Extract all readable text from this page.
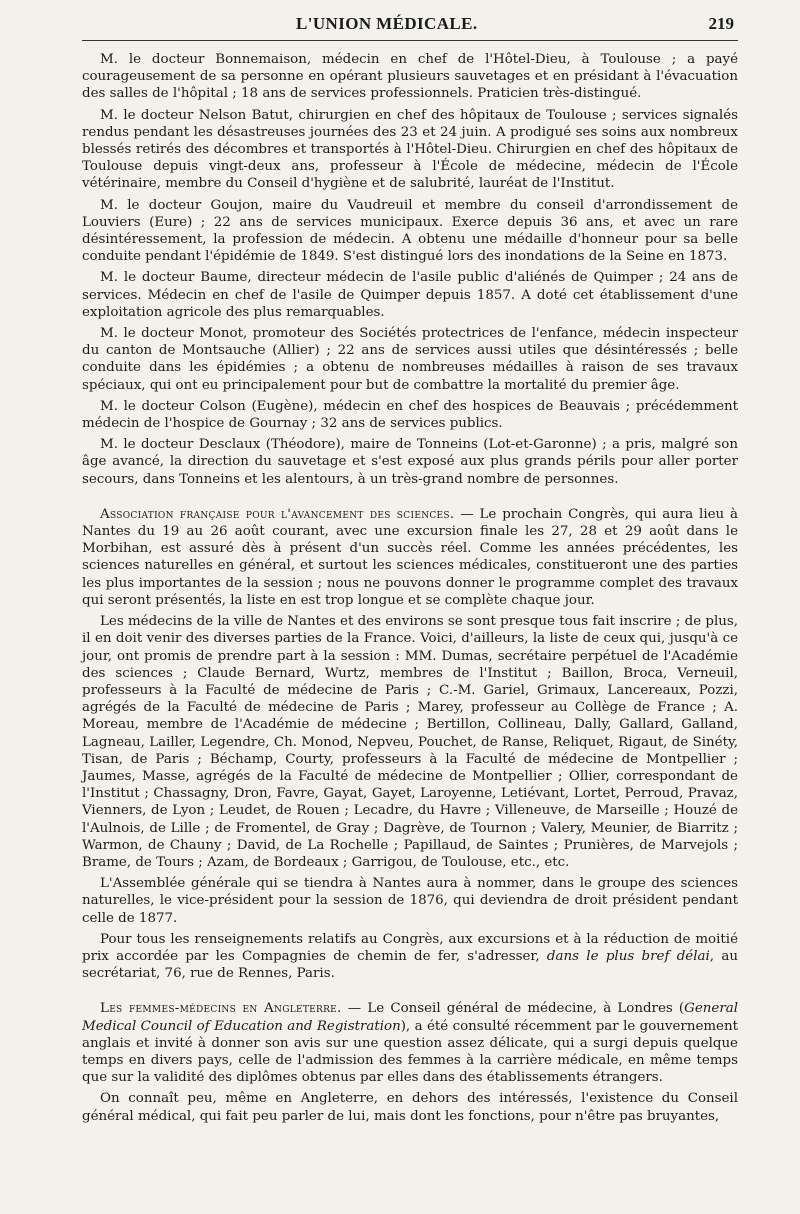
L'UNION MÉDICALE.	219

M. le docteur Bonnemaison, médecin en chef de l'Hôtel-Dieu, à Toulouse ; a payé courageusement de sa personne en opérant plusieurs sauvetages et en présidant à l'évacuation des salles de l'hôpital ; 18 ans de services professionnels. Praticien très-distingué.

M. le docteur Nelson Batut, chirurgien en chef des hôpitaux de Toulouse ; services signalés rendus pendant les désastreuses journées des 23 et 24 juin. A prodigué ses soins aux nombreux blessés retirés des décombres et transportés à l'Hôtel-Dieu. Chirurgien en chef des hôpitaux de Toulouse depuis vingt-deux ans, professeur à l'École de médecine, médecin de l'École vétérinaire, membre du Conseil d'hygiène et de salubrité, lauréat de l'Institut.

M. le docteur Goujon, maire du Vaudreuil et membre du conseil d'arrondissement de Louviers (Eure) ; 22 ans de services municipaux. Exerce depuis 36 ans, et avec un rare désintéressement, la profession de médecin. A obtenu une médaille d'honneur pour sa belle conduite pendant l'épidémie de 1849. S'est distingué lors des inondations de la Seine en 1873.

M. le docteur Baume, directeur médecin de l'asile public d'aliénés de Quimper ; 24 ans de services. Médecin en chef de l'asile de Quimper depuis 1857. A doté cet établissement d'une exploitation agricole des plus remarquables.

M. le docteur Monot, promoteur des Sociétés protectrices de l'enfance, médecin inspecteur du canton de Montsauche (Allier) ; 22 ans de services aussi utiles que désintéressés ; belle conduite dans les épidémies ; a obtenu de nombreuses médailles à raison de ses travaux spéciaux, qui ont eu principalement pour but de combattre la mortalité du premier âge.

M. le docteur Colson (Eugène), médecin en chef des hospices de Beauvais ; précédemment médecin de l'hospice de Gournay ; 32 ans de services publics.

M. le docteur Desclaux (Théodore), maire de Tonneins (Lot-et-Garonne) ; a pris, malgré son âge avancé, la direction du sauvetage et s'est exposé aux plus grands périls pour aller porter secours, dans Tonneins et les alentours, à un très-grand nombre de personnes.

Association française pour l'avancement des sciences. — Le prochain Congrès, qui aura lieu à Nantes du 19 au 26 août courant, avec une excursion finale les 27, 28 et 29 août dans le Morbihan, est assuré dès à présent d'un succès réel. Comme les années précédentes, les sciences naturelles en général, et surtout les sciences médicales, constitueront une des parties les plus importantes de la session ; nous ne pouvons donner le programme complet des travaux qui seront présentés, la liste en est trop longue et se complète chaque jour.

Les médecins de la ville de Nantes et des environs se sont presque tous fait inscrire ; de plus, il en doit venir des diverses parties de la France. Voici, d'ailleurs, la liste de ceux qui, jusqu'à ce jour, ont promis de prendre part à la session : MM. Dumas, secrétaire perpétuel de l'Académie des sciences ; Claude Bernard, Wurtz, membres de l'Institut ; Baillon, Broca, Verneuil, professeurs à la Faculté de médecine de Paris ; C.-M. Gariel, Grimaux, Lancereaux, Pozzi, agrégés de la Faculté de médecine de Paris ; Marey, professeur au Collège de France ; A. Moreau, membre de l'Académie de médecine ; Bertillon, Collineau, Dally, Gallard, Galland, Lagneau, Lailler, Legendre, Ch. Monod, Nepveu, Pouchet, de Ranse, Reliquet, Rigaut, de Sinéty, Tisan, de Paris ; Béchamp, Courty, professeurs à la Faculté de médecine de Montpellier ; Jaumes, Masse, agrégés de la Faculté de médecine de Montpellier ; Ollier, correspondant de l'Institut ; Chassagny, Dron, Favre, Gayat, Gayet, Laroyenne, Letiévant, Lortet, Perroud, Pravaz, Vienners, de Lyon ; Leudet, de Rouen ; Lecadre, du Havre ; Villeneuve, de Marseille ; Houzé de l'Aulnois, de Lille ; de Fromentel, de Gray ; Dagrève, de Tournon ; Valery, Meunier, de Biarritz ; Warmon, de Chauny ; David, de La Rochelle ; Papillaud, de Saintes ; Prunières, de Marvejols ; Brame, de Tours ; Azam, de Bordeaux ; Garrigou, de Toulouse, etc., etc.

L'Assemblée générale qui se tiendra à Nantes aura à nommer, dans le groupe des sciences naturelles, le vice-président pour la session de 1876, qui deviendra de droit président pendant celle de 1877.

Pour tous les renseignements relatifs au Congrès, aux excursions et à la réduction de moitié prix accordée par les Compagnies de chemin de fer, s'adresser, dans le plus bref délai, au secrétariat, 76, rue de Rennes, Paris.

Les femmes-médecins en Angleterre. — Le Conseil général de médecine, à Londres (General Medical Council of Education and Registration), a été consulté récemment par le gouvernement anglais et invité à donner son avis sur une question assez délicate, qui a surgi depuis quelque temps en divers pays, celle de l'admission des femmes à la carrière médicale, en même temps que sur la validité des diplômes obtenus par elles dans des établissements étrangers.

On connaît peu, même en Angleterre, en dehors des intéressés, l'existence du Conseil général médical, qui fait peu parler de lui, mais dont les fonctions, pour n'être pas bruyantes,
